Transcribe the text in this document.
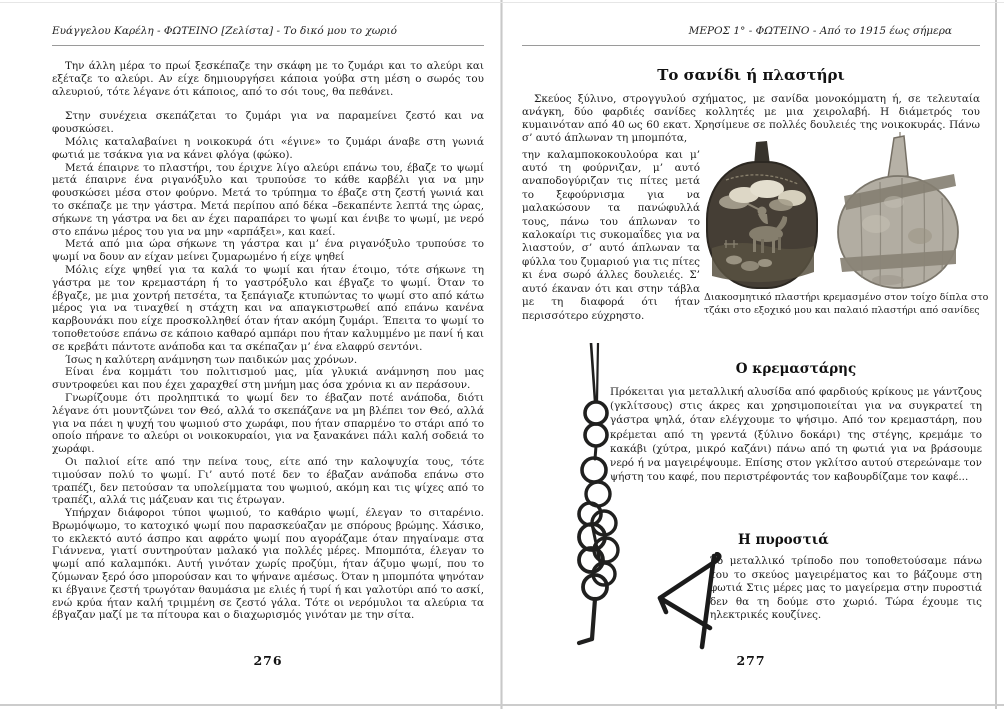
Ευάγγελου Καρέλη - ΦΩΤΕΙΝΟ [Ζελίστα] - Το δικό μου το χωριό

Την άλλη μέρα το πρωί ξεσκέπαζε την σκάφη με το ζυμάρι και το αλεύρι και εξέταζε το αλεύρι. Αν είχε δημιουργήσει κάποια γούβα στη μέση ο σωρός του αλευριού, τότε λέγανε ότι κάποιος, από το σόι τους, θα πεθάνει.

Στην συνέχεια σκεπάζεται το ζυμάρι για να παραμείνει ζεστό και να φουσκώσει.

Μόλις καταλαβαίνει η νοικοκυρά ότι «έγινε» το ζυμάρι άναβε στη γωνιά φωτιά με τσάκνα για να κάνει φλόγα (φώκο).

Μετά έπαιρνε το πλαστήρι, του έριχνε λίγο αλεύρι επάνω του, έβαζε το ψωμί μετά έπαιρνε ένα ριγανόξυλο και τρυπούσε το κάθε καρβέλι για να μην φουσκώσει μέσα στον φούρνο. Μετά το τρύπημα το έβαζε στη ζεστή γωνιά και το σκέπαζε με την γάστρα. Μετά περίπου από δέκα –δεκαπέντε λεπτά της ώρας, σήκωνε τη γάστρα να δει αν έχει παραπάρει το ψωμί και ένιβε το ψωμί, με νερό στο επάνω μέρος του για να μην «αρπάξει», και καεί.

Μετά από μια ώρα σήκωνε τη γάστρα και μ’ ένα ριγανόξυλο τρυπούσε το ψωμί να δουν αν είχαν μείνει ζυμαρωμένο ή είχε ψηθεί

Μόλις είχε ψηθεί για τα καλά το ψωμί και ήταν έτοιμο, τότε σήκωνε τη γάστρα με τον κρεμαστάρη ή το γαστρόξυλο και έβγαζε το ψωμί. Όταν το έβγαζε, με μια χοντρή πετσέτα, τα ξεπάγιαζε κτυπώντας το ψωμί στο από κάτω μέρος για να τιναχθεί η στάχτη και να απαγκιστρωθεί από επάνω κανένα καρβουνάκι που είχε προσκολληθεί όταν ήταν ακόμη ζυμάρι. Έπειτα το ψωμί το τοποθετούσε επάνω σε κάποιο καθαρό αμπάρι που ήταν καλυμμένο με πανί ή και σε κρεβάτι πάντοτε ανάποδα και τα σκέπαζαν μ’ ένα ελαφρύ σεντόνι.

Ίσως η καλύτερη ανάμνηση των παιδικών μας χρόνων.

Είναι ένα κομμάτι του πολιτισμού μας, μία γλυκιά ανάμνηση που μας συντροφεύει και που έχει χαραχθεί στη μνήμη μας όσα χρόνια κι αν περάσουν.

Γνωρίζουμε ότι προληπτικά το ψωμί δεν το έβαζαν ποτέ ανάποδα, διότι λέγανε ότι μουντζώνει τον Θεό, αλλά το σκεπάζανε να μη βλέπει τον Θεό, αλλά για να πάει η ψυχή του ψωμιού στο χωράφι, που ήταν σπαρμένο το στάρι από το οποίο πήρανε το αλεύρι οι νοικοκυραίοι, για να ξανακάνει πάλι καλή σοδειά το χωράφι.

Οι παλιοί είτε από την πείνα τους, είτε από την καλοψυχία τους, τότε τιμούσαν πολύ το ψωμί. Γι’ αυτό ποτέ δεν το έβαζαν ανάποδα επάνω στο τραπέζι, δεν πετούσαν τα υπολείμματα του ψωμιού, ακόμη και τις ψίχες από το τραπέζι, αλλά τις μάζευαν και τις έτρωγαν.

Υπήρχαν διάφοροι τύποι ψωμιού, το καθάριο ψωμί, έλεγαν το σιταρένιο. Βρωμόψωμο, το κατοχικό ψωμί που παρασκεύαζαν με σπόρους βρώμης. Χάσικο, το εκλεκτό αυτό άσπρο και αφράτο ψωμί που αγοράζαμε όταν πηγαίναμε στα Γιάννενα, γιατί συντηρούταν μαλακό για πολλές μέρες. Μπομπότα, έλεγαν το ψωμί από καλαμπόκι. Αυτή γινόταν χωρίς προζύμι, ήταν άζυμο ψωμί, που το ζύμωναν ξερό όσο μπορούσαν και το ψήνανε αμέσως. Όταν η μπομπότα ψηνόταν κι έβγαινε ζεστή τρωγόταν θαυμάσια με ελιές ή τυρί ή και γαλοτύρι από το ασκί, ενώ κρύα ήταν καλή τριμμένη σε ζεστό γάλα. Τότε οι νερόμυλοι τα αλεύρια τα έβγαζαν μαζί με τα πίτουρα και ο διαχωρισμός γινόταν με την σίτα.

276
ΜΕΡΟΣ 1° - ΦΩΤΕΙΝΟ - Από το 1915 έως σήμερα
Το σανίδι ή πλαστήρι
Σκεύος ξύλινο, στρογγυλού σχήματος, με σανίδα μονοκόμματη ή, σε τελευταία ανάγκη, δύο φαρδιές σανίδες κολλητές με μια χειρολαβή. Η διάμετρός του κυμαινόταν από 40 ως 60 εκατ. Χρησίμευε σε πολλές δουλειές της νοικοκυράς. Πάνω σ’ αυτό άπλωναν τη μπομπότα,
την καλαμποκοκουλούρα και μ’ αυτό τη φούρνιζαν, μ’ αυτό αναποδογύριζαν τις πίτες μετά το ξεφούρνισμα για να μαλακώσουν τα πανώφυλλά τους, πάνω του άπλωναν το καλοκαίρι τις συκομαΐδες για να λιαστούν, σ’ αυτό άπλωναν τα φύλλα του ζυμαριού για τις πίτες κι ένα σωρό άλλες δουλειές. Σ’ αυτό έκαναν ότι και στην τάβλα με τη διαφορά ότι ήταν περισσότερο εύχρηστο.
Διακοσμητικό πλαστήρι κρεμασμένο στον τοίχο δίπλα στο τζάκι στο εξοχικό μου και παλαιό πλαστήρι από σανίδες
Ο κρεμαστάρης
Πρόκειται για μεταλλική αλυσίδα από φαρδιούς κρίκους με γάντζους (γκλίτσους) στις άκρες και χρησιμοποιείται για να συγκρατεί τη γάστρα ψηλά, όταν ελέγχουμε το ψήσιμο. Από τον κρεμαστάρη, που κρέμεται από τη γρεντά (ξύλινο δοκάρι) της στέγης, κρεμάμε το κακάβι (χύτρα, μικρό καζάνι) πάνω από τη φωτιά για να βράσουμε νερό ή να μαγειρέψουμε. Επίσης στον γκλίτσο αυτού στερεώναμε τον ψήστη του καφέ, που περιστρέφοντάς τον καβουρδίζαμε τον καφέ...
Η πυροστιά
Το μεταλλικό τρίποδο που τοποθετούσαμε πάνω του το σκεύος μαγειρέματος και το βάζουμε στη φωτιά Στις μέρες μας το μαγείρεμα στην πυροστιά δεν θα τη δούμε στο χωριό. Τώρα έχουμε τις ηλεκτρικές κουζίνες.
277
